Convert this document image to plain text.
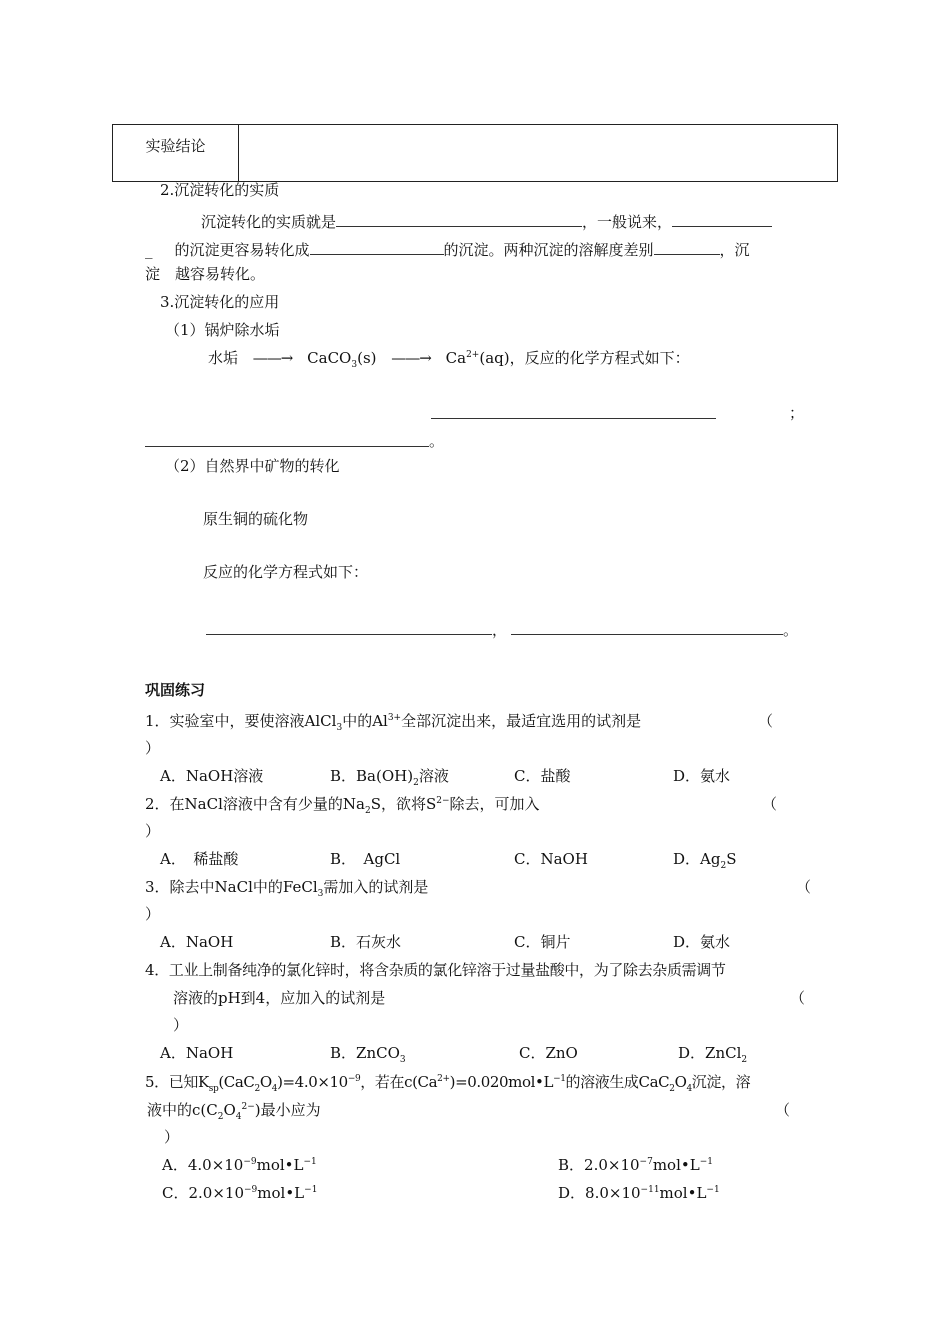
实验结论	
2.沉淀转化的实质
沉淀转化的实质就是	，一般说来，
_ 的沉淀更容易转化成	的沉淀。两种沉淀的溶解度差别	，沉
淀　越容易转化。
3.沉淀转化的应用
（1）锅炉除水垢
水垢 ——→ CaCO$_3$(s) ——→ $Ca^{2+}(aq)$，反应的化学方程式如下：
；
。
（2）自然界中矿物的转化
原生铜的硫化物
反应的化学方程式如下：
，	。
巩固练习
1．实验室中，要使溶液AlCl$_3$中的$Al^{3+}$全部沉淀出来，最适宜选用的试剂是	（
）
A．NaOH溶液	B．$Ba(OH)_2$溶液	C．盐酸	D．氨水
2．在NaCl溶液中含有少量的$Na_2S$，欲将$S^{2-}$除去，可加入	（
）
A．　稀盐酸	B．　AgCl	C．NaOH	D．$Ag_2S$
3．除去中NaCl中的FeCl$_3$需加入的试剂是	（
）
A．NaOH	B．石灰水	C．铜片	D．氨水
4．工业上制备纯净的氯化锌时，将含杂质的氯化锌溶于过量盐酸中，为了除去杂质需调节
溶液的pH到4，应加入的试剂是	（
）
A．NaOH	B．ZnCO$_3$	C．ZnO	D．ZnCl$_2$
5．已知$K_{sp}(CaC_2O_4)=4.0\times 10^{-9}$，若在$c(Ca^{2+})=0.020mol•L^{-1}$的溶液生成$CaC_2O_4$沉淀，溶
液中的$c(C_2O_4^{2-})$最小应为	（
）
A．$4.0\times 10^{-9}mol•L^{-1}$	B．$2.0\times 10^{-7}mol•L^{-1}$
C．$2.0\times 10^{-9}mol•L^{-1}$	D．$8.0\times 10^{-11}mol•L^{-1}$
